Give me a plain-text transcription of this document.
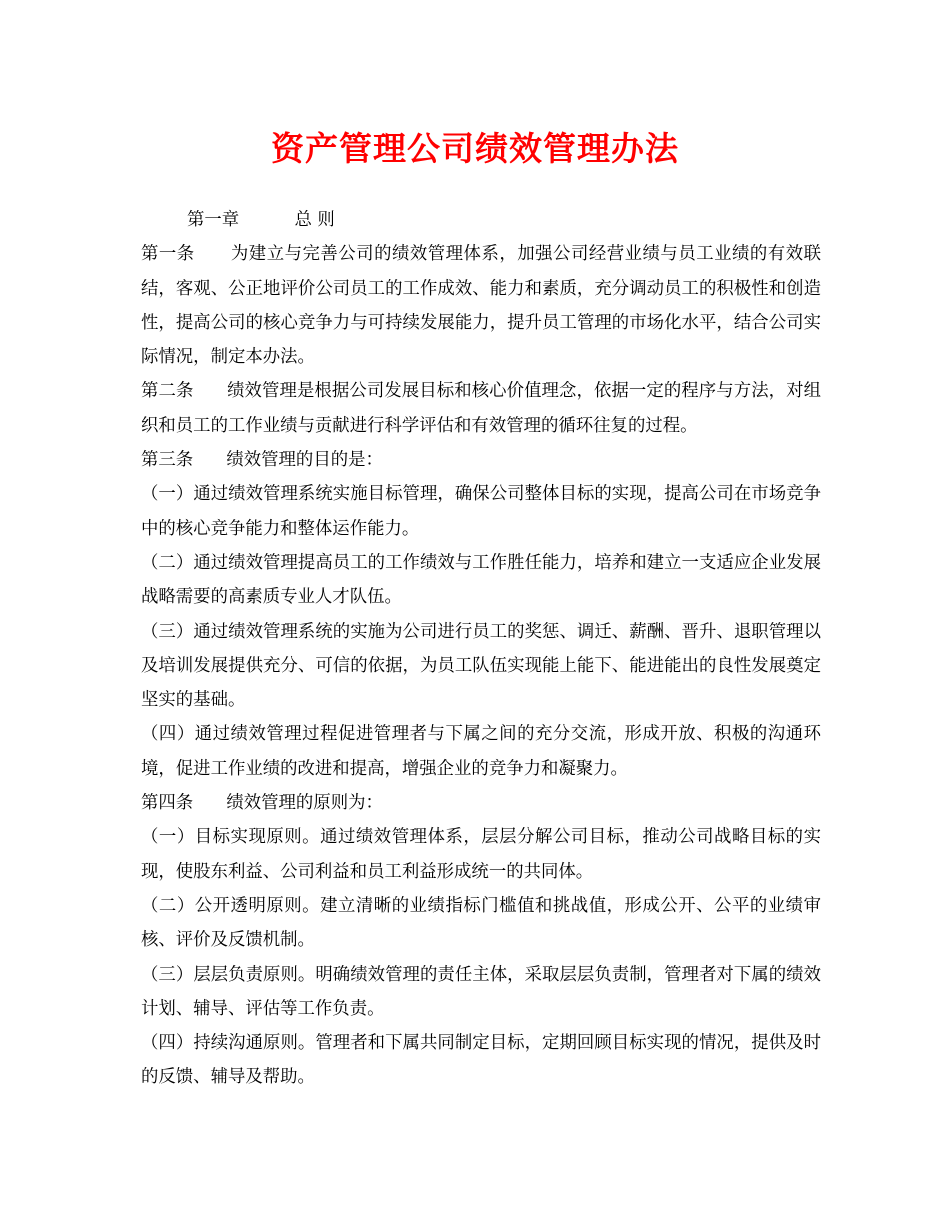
资产管理公司绩效管理办法

第一章	总 则

第一条 为建立与完善公司的绩效管理体系，加强公司经营业绩与员工业绩的有效联结，客观、公正地评价公司员工的工作成效、能力和素质，充分调动员工的积极性和创造性，提高公司的核心竞争力与可持续发展能力，提升员工管理的市场化水平，结合公司实际情况，制定本办法。

第二条 绩效管理是根据公司发展目标和核心价值理念，依据一定的程序与方法，对组织和员工的工作业绩与贡献进行科学评估和有效管理的循环往复的过程。

第三条 绩效管理的目的是：

（一）通过绩效管理系统实施目标管理，确保公司整体目标的实现，提高公司在市场竞争中的核心竞争能力和整体运作能力。

（二）通过绩效管理提高员工的工作绩效与工作胜任能力，培养和建立一支适应企业发展战略需要的高素质专业人才队伍。

（三）通过绩效管理系统的实施为公司进行员工的奖惩、调迁、薪酬、晋升、退职管理以及培训发展提供充分、可信的依据，为员工队伍实现能上能下、能进能出的良性发展奠定坚实的基础。

（四）通过绩效管理过程促进管理者与下属之间的充分交流，形成开放、积极的沟通环境，促进工作业绩的改进和提高，增强企业的竞争力和凝聚力。

第四条 绩效管理的原则为：

（一）目标实现原则。通过绩效管理体系，层层分解公司目标，推动公司战略目标的实现，使股东利益、公司利益和员工利益形成统一的共同体。

（二）公开透明原则。建立清晰的业绩指标门槛值和挑战值，形成公开、公平的业绩审核、评价及反馈机制。

（三）层层负责原则。明确绩效管理的责任主体，采取层层负责制，管理者对下属的绩效计划、辅导、评估等工作负责。

（四）持续沟通原则。管理者和下属共同制定目标，定期回顾目标实现的情况，提供及时的反馈、辅导及帮助。
